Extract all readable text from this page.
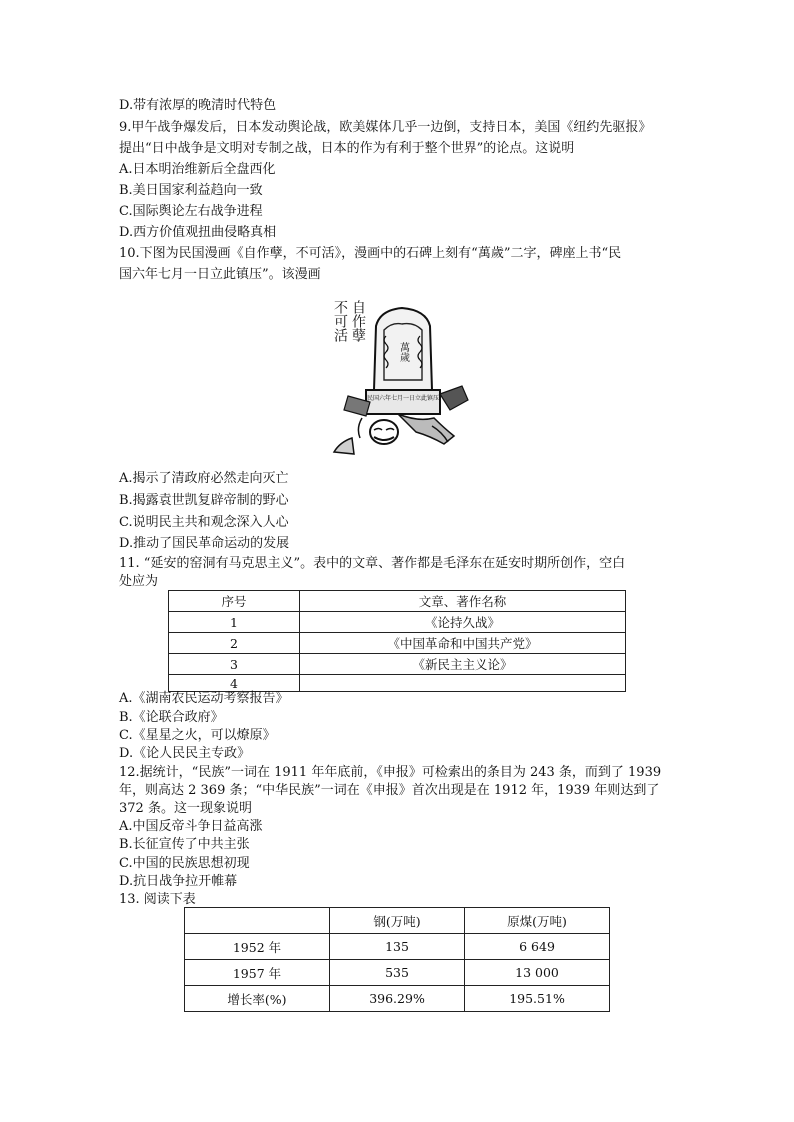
D.带有浓厚的晚清时代特色
9.甲午战争爆发后，日本发动舆论战，欧美媒体几乎一边倒，支持日本，美国《纽约先驱报》
提出“日中战争是文明对专制之战，日本的作为有利于整个世界”的论点。这说明
A.日本明治维新后全盘西化
B.美日国家利益趋向一致
C.国际舆论左右战争进程
D.西方价值观扭曲侵略真相
10.下图为民国漫画《自作孽，不可活》，漫画中的石碑上刻有“萬歲”二字，碑座上书“民
国六年七月一日立此镇压”。该漫画
自作孽
不可活
萬歲
民国六年七月一日立此镇压
A.揭示了清政府必然走向灭亡
B.揭露袁世凯复辟帝制的野心
C.说明民主共和观念深入人心
D.推动了国民革命运动的发展
11. “延安的窑洞有马克思主义”。表中的文章、著作都是毛泽东在延安时期所创作，空白
处应为
序号	文章、著作名称
1	《论持久战》
2	《中国革命和中国共产党》
3	《新民主主义论》
4	
A.《湖南农民运动考察报告》
B.《论联合政府》
C.《星星之火，可以燎原》
D.《论人民民主专政》
12.据统计，“民族”一词在 1911 年年底前，《申报》可检索出的条目为 243 条，而到了 1939
年，则高达 2 369 条；“中华民族”一词在《申报》首次出现是在 1912 年，1939 年则达到了
372 条。这一现象说明
A.中国反帝斗争日益高涨
B.长征宣传了中共主张
C.中国的民族思想初现
D.抗日战争拉开帷幕
13. 阅读下表
	钢(万吨)	原煤(万吨)
1952 年	135	6 649
1957 年	535	13 000
增长率(%)	396.29%	195.51%
